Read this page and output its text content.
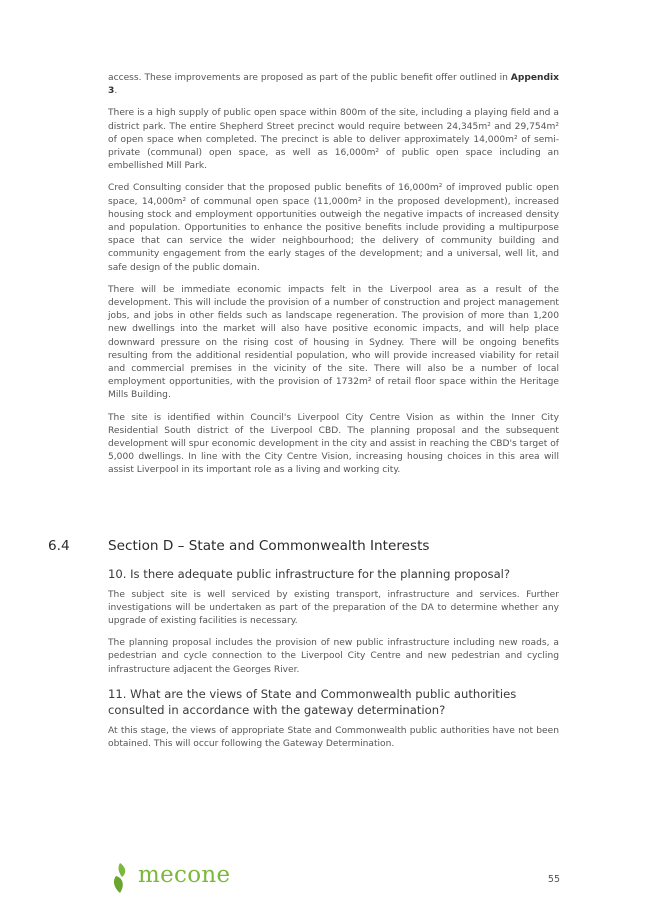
access. These improvements are proposed as part of the public benefit offer outlined in Appendix 3.

There is a high supply of public open space within 800m of the site, including a playing field and a district park. The entire Shepherd Street precinct would require between 24,345m² and 29,754m² of open space when completed. The precinct is able to deliver approximately 14,000m² of semi-private (communal) open space, as well as 16,000m² of public open space including an embellished Mill Park.

Cred Consulting consider that the proposed public benefits of 16,000m² of improved public open space, 14,000m² of communal open space (11,000m² in the proposed development), increased housing stock and employment opportunities outweigh the negative impacts of increased density and population. Opportunities to enhance the positive benefits include providing a multipurpose space that can service the wider neighbourhood; the delivery of community building and community engagement from the early stages of the development; and a universal, well lit, and safe design of the public domain.

There will be immediate economic impacts felt in the Liverpool area as a result of the development. This will include the provision of a number of construction and project management jobs, and jobs in other fields such as landscape regeneration. The provision of more than 1,200 new dwellings into the market will also have positive economic impacts, and will help place downward pressure on the rising cost of housing in Sydney. There will be ongoing benefits resulting from the additional residential population, who will provide increased viability for retail and commercial premises in the vicinity of the site. There will also be a number of local employment opportunities, with the provision of 1732m² of retail floor space within the Heritage Mills Building.

The site is identified within Council's Liverpool City Centre Vision as within the Inner City Residential South district of the Liverpool CBD. The planning proposal and the subsequent development will spur economic development in the city and assist in reaching the CBD's target of 5,000 dwellings. In line with the City Centre Vision, increasing housing choices in this area will assist Liverpool in its important role as a living and working city.

6.4	Section D – State and Commonwealth Interests
10. Is there adequate public infrastructure for the planning proposal?

The subject site is well serviced by existing transport, infrastructure and services. Further investigations will be undertaken as part of the preparation of the DA to determine whether any upgrade of existing facilities is necessary.

The planning proposal includes the provision of new public infrastructure including new roads, a pedestrian and cycle connection to the Liverpool City Centre and new pedestrian and cycling infrastructure adjacent the Georges River.

11. What are the views of State and Commonwealth public authorities consulted in accordance with the gateway determination?

At this stage, the views of appropriate State and Commonwealth public authorities have not been obtained. This will occur following the Gateway Determination.

mecone	55
